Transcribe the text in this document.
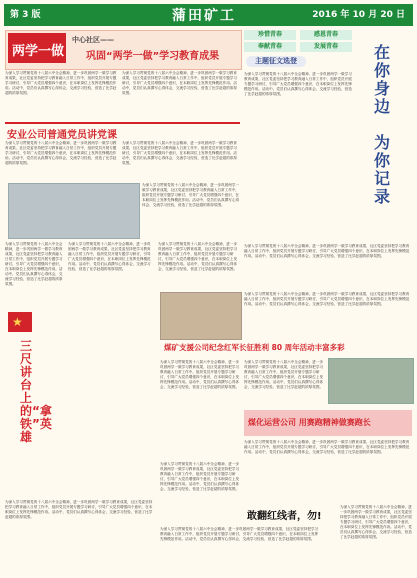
第 3 版	蒲田矿工	2016 年 10 月 20 日
两学一做
中心社区——
巩固“两学一做”学习教育成果
为深入学习贯彻党的十八届六中全会精神，进一步巩固两学一做学习教育成果，社区党委坚持把学习教育融入日常工作中，组织党员开展专题学习研讨，引导广大党员增强四个意识，在本职岗位上发挥先锋模范作用。活动中，党员们认真撰写心得体会，交流学习经验，营造了比学赶超的浓厚氛围。
为深入学习贯彻党的十八届六中全会精神，进一步巩固两学一做学习教育成果，社区党委坚持把学习教育融入日常工作中，组织党员开展专题学习研讨，引导广大党员增强四个意识，在本职岗位上发挥先锋模范作用。活动中，党员们认真撰写心得体会，交流学习经验，营造了比学赶超的浓厚氛围。
珍惜青春	感恩青春
奉献青春	发展青春
主题征文选登
为深入学习贯彻党的十八届六中全会精神，进一步巩固两学一做学习教育成果，社区党委坚持把学习教育融入日常工作中，组织党员开展专题学习研讨，引导广大党员增强四个意识，在本职岗位上发挥先锋模范作用。活动中，党员们认真撰写心得体会，交流学习经验，营造了比学赶超的浓厚氛围。
在你身边
为你记录
安业公司普通党员讲党课
为深入学习贯彻党的十八届六中全会精神，进一步巩固两学一做学习教育成果，社区党委坚持把学习教育融入日常工作中，组织党员开展专题学习研讨，引导广大党员增强四个意识，在本职岗位上发挥先锋模范作用。活动中，党员们认真撰写心得体会，交流学习经验，营造了比学赶超的浓厚氛围。
为深入学习贯彻党的十八届六中全会精神，进一步巩固两学一做学习教育成果，社区党委坚持把学习教育融入日常工作中，组织党员开展专题学习研讨，引导广大党员增强四个意识，在本职岗位上发挥先锋模范作用。活动中，党员们认真撰写心得体会，交流学习经验，营造了比学赶超的浓厚氛围。
为深入学习贯彻党的十八届六中全会精神，进一步巩固两学一做学习教育成果，社区党委坚持把学习教育融入日常工作中，组织党员开展专题学习研讨，引导广大党员增强四个意识，在本职岗位上发挥先锋模范作用。活动中，党员们认真撰写心得体会，交流学习经验，营造了比学赶超的浓厚氛围。
为深入学习贯彻党的十八届六中全会精神，进一步巩固两学一做学习教育成果，社区党委坚持把学习教育融入日常工作中，组织党员开展专题学习研讨，引导广大党员增强四个意识，在本职岗位上发挥先锋模范作用。活动中，党员们认真撰写心得体会，交流学习经验，营造了比学赶超的浓厚氛围。
为深入学习贯彻党的十八届六中全会精神，进一步巩固两学一做学习教育成果，社区党委坚持把学习教育融入日常工作中，组织党员开展专题学习研讨，引导广大党员增强四个意识，在本职岗位上发挥先锋模范作用。活动中，党员们认真撰写心得体会，交流学习经验，营造了比学赶超的浓厚氛围。
为深入学习贯彻党的十八届六中全会精神，进一步巩固两学一做学习教育成果，社区党委坚持把学习教育融入日常工作中，组织党员开展专题学习研讨，引导广大党员增强四个意识，在本职岗位上发挥先锋模范作用。活动中，党员们认真撰写心得体会，交流学习经验，营造了比学赶超的浓厚氛围。
为深入学习贯彻党的十八届六中全会精神，进一步巩固两学一做学习教育成果，社区党委坚持把学习教育融入日常工作中，组织党员开展专题学习研讨，引导广大党员增强四个意识，在本职岗位上发挥先锋模范作用。活动中，党员们认真撰写心得体会，交流学习经验，营造了比学赶超的浓厚氛围。
★
三尺讲台上的“拿铁”英雄
为深入学习贯彻党的十八届六中全会精神，进一步巩固两学一做学习教育成果，社区党委坚持把学习教育融入日常工作中，组织党员开展专题学习研讨，引导广大党员增强四个意识，在本职岗位上发挥先锋模范作用。活动中，党员们认真撰写心得体会，交流学习经验，营造了比学赶超的浓厚氛围。
煤矿支援公司纪念红军长征胜利 80 周年活动丰富多彩
为深入学习贯彻党的十八届六中全会精神，进一步巩固两学一做学习教育成果，社区党委坚持把学习教育融入日常工作中，组织党员开展专题学习研讨，引导广大党员增强四个意识，在本职岗位上发挥先锋模范作用。活动中，党员们认真撰写心得体会，交流学习经验，营造了比学赶超的浓厚氛围。
为深入学习贯彻党的十八届六中全会精神，进一步巩固两学一做学习教育成果，社区党委坚持把学习教育融入日常工作中，组织党员开展专题学习研讨，引导广大党员增强四个意识，在本职岗位上发挥先锋模范作用。活动中，党员们认真撰写心得体会，交流学习经验，营造了比学赶超的浓厚氛围。
为深入学习贯彻党的十八届六中全会精神，进一步巩固两学一做学习教育成果，社区党委坚持把学习教育融入日常工作中，组织党员开展专题学习研讨，引导广大党员增强四个意识，在本职岗位上发挥先锋模范作用。活动中，党员们认真撰写心得体会，交流学习经验，营造了比学赶超的浓厚氛围。
煤化运营公司 用赛跑精神做赛跑长
为深入学习贯彻党的十八届六中全会精神，进一步巩固两学一做学习教育成果，社区党委坚持把学习教育融入日常工作中，组织党员开展专题学习研讨，引导广大党员增强四个意识，在本职岗位上发挥先锋模范作用。活动中，党员们认真撰写心得体会，交流学习经验，营造了比学赶超的浓厚氛围。
为深入学习贯彻党的十八届六中全会精神，进一步巩固两学一做学习教育成果，社区党委坚持把学习教育融入日常工作中，组织党员开展专题学习研讨，引导广大党员增强四个意识，在本职岗位上发挥先锋模范作用。活动中，党员们认真撰写心得体会，交流学习经验，营造了比学赶超的浓厚氛围。
敢翻红线者，勿!
为深入学习贯彻党的十八届六中全会精神，进一步巩固两学一做学习教育成果，社区党委坚持把学习教育融入日常工作中，组织党员开展专题学习研讨，引导广大党员增强四个意识，在本职岗位上发挥先锋模范作用。活动中，党员们认真撰写心得体会，交流学习经验，营造了比学赶超的浓厚氛围。
为深入学习贯彻党的十八届六中全会精神，进一步巩固两学一做学习教育成果，社区党委坚持把学习教育融入日常工作中，组织党员开展专题学习研讨，引导广大党员增强四个意识，在本职岗位上发挥先锋模范作用。活动中，党员们认真撰写心得体会，交流学习经验，营造了比学赶超的浓厚氛围。
